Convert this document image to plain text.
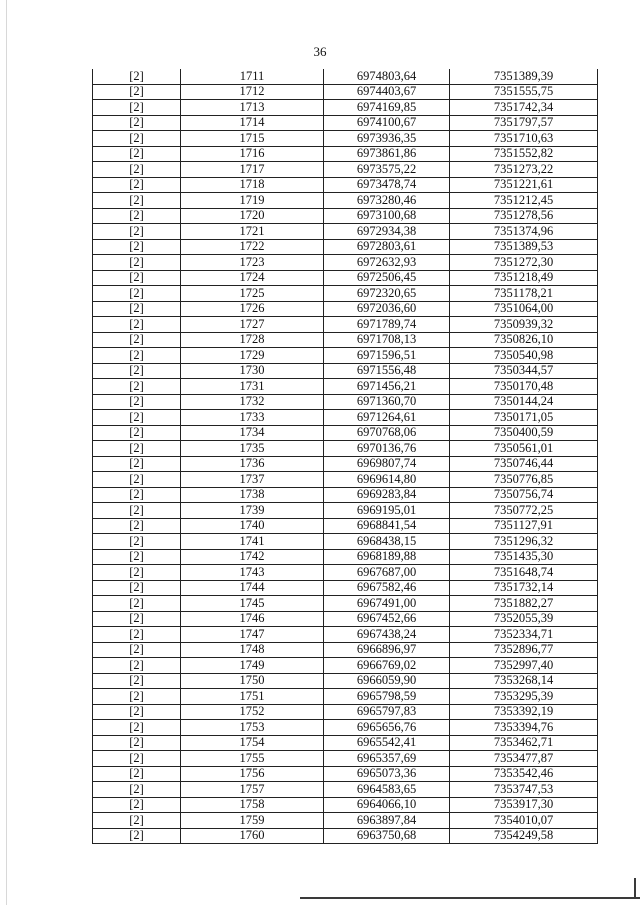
36
[2]	1711	6974803,64	7351389,39
[2]	1712	6974403,67	7351555,75
[2]	1713	6974169,85	7351742,34
[2]	1714	6974100,67	7351797,57
[2]	1715	6973936,35	7351710,63
[2]	1716	6973861,86	7351552,82
[2]	1717	6973575,22	7351273,22
[2]	1718	6973478,74	7351221,61
[2]	1719	6973280,46	7351212,45
[2]	1720	6973100,68	7351278,56
[2]	1721	6972934,38	7351374,96
[2]	1722	6972803,61	7351389,53
[2]	1723	6972632,93	7351272,30
[2]	1724	6972506,45	7351218,49
[2]	1725	6972320,65	7351178,21
[2]	1726	6972036,60	7351064,00
[2]	1727	6971789,74	7350939,32
[2]	1728	6971708,13	7350826,10
[2]	1729	6971596,51	7350540,98
[2]	1730	6971556,48	7350344,57
[2]	1731	6971456,21	7350170,48
[2]	1732	6971360,70	7350144,24
[2]	1733	6971264,61	7350171,05
[2]	1734	6970768,06	7350400,59
[2]	1735	6970136,76	7350561,01
[2]	1736	6969807,74	7350746,44
[2]	1737	6969614,80	7350776,85
[2]	1738	6969283,84	7350756,74
[2]	1739	6969195,01	7350772,25
[2]	1740	6968841,54	7351127,91
[2]	1741	6968438,15	7351296,32
[2]	1742	6968189,88	7351435,30
[2]	1743	6967687,00	7351648,74
[2]	1744	6967582,46	7351732,14
[2]	1745	6967491,00	7351882,27
[2]	1746	6967452,66	7352055,39
[2]	1747	6967438,24	7352334,71
[2]	1748	6966896,97	7352896,77
[2]	1749	6966769,02	7352997,40
[2]	1750	6966059,90	7353268,14
[2]	1751	6965798,59	7353295,39
[2]	1752	6965797,83	7353392,19
[2]	1753	6965656,76	7353394,76
[2]	1754	6965542,41	7353462,71
[2]	1755	6965357,69	7353477,87
[2]	1756	6965073,36	7353542,46
[2]	1757	6964583,65	7353747,53
[2]	1758	6964066,10	7353917,30
[2]	1759	6963897,84	7354010,07
[2]	1760	6963750,68	7354249,58
